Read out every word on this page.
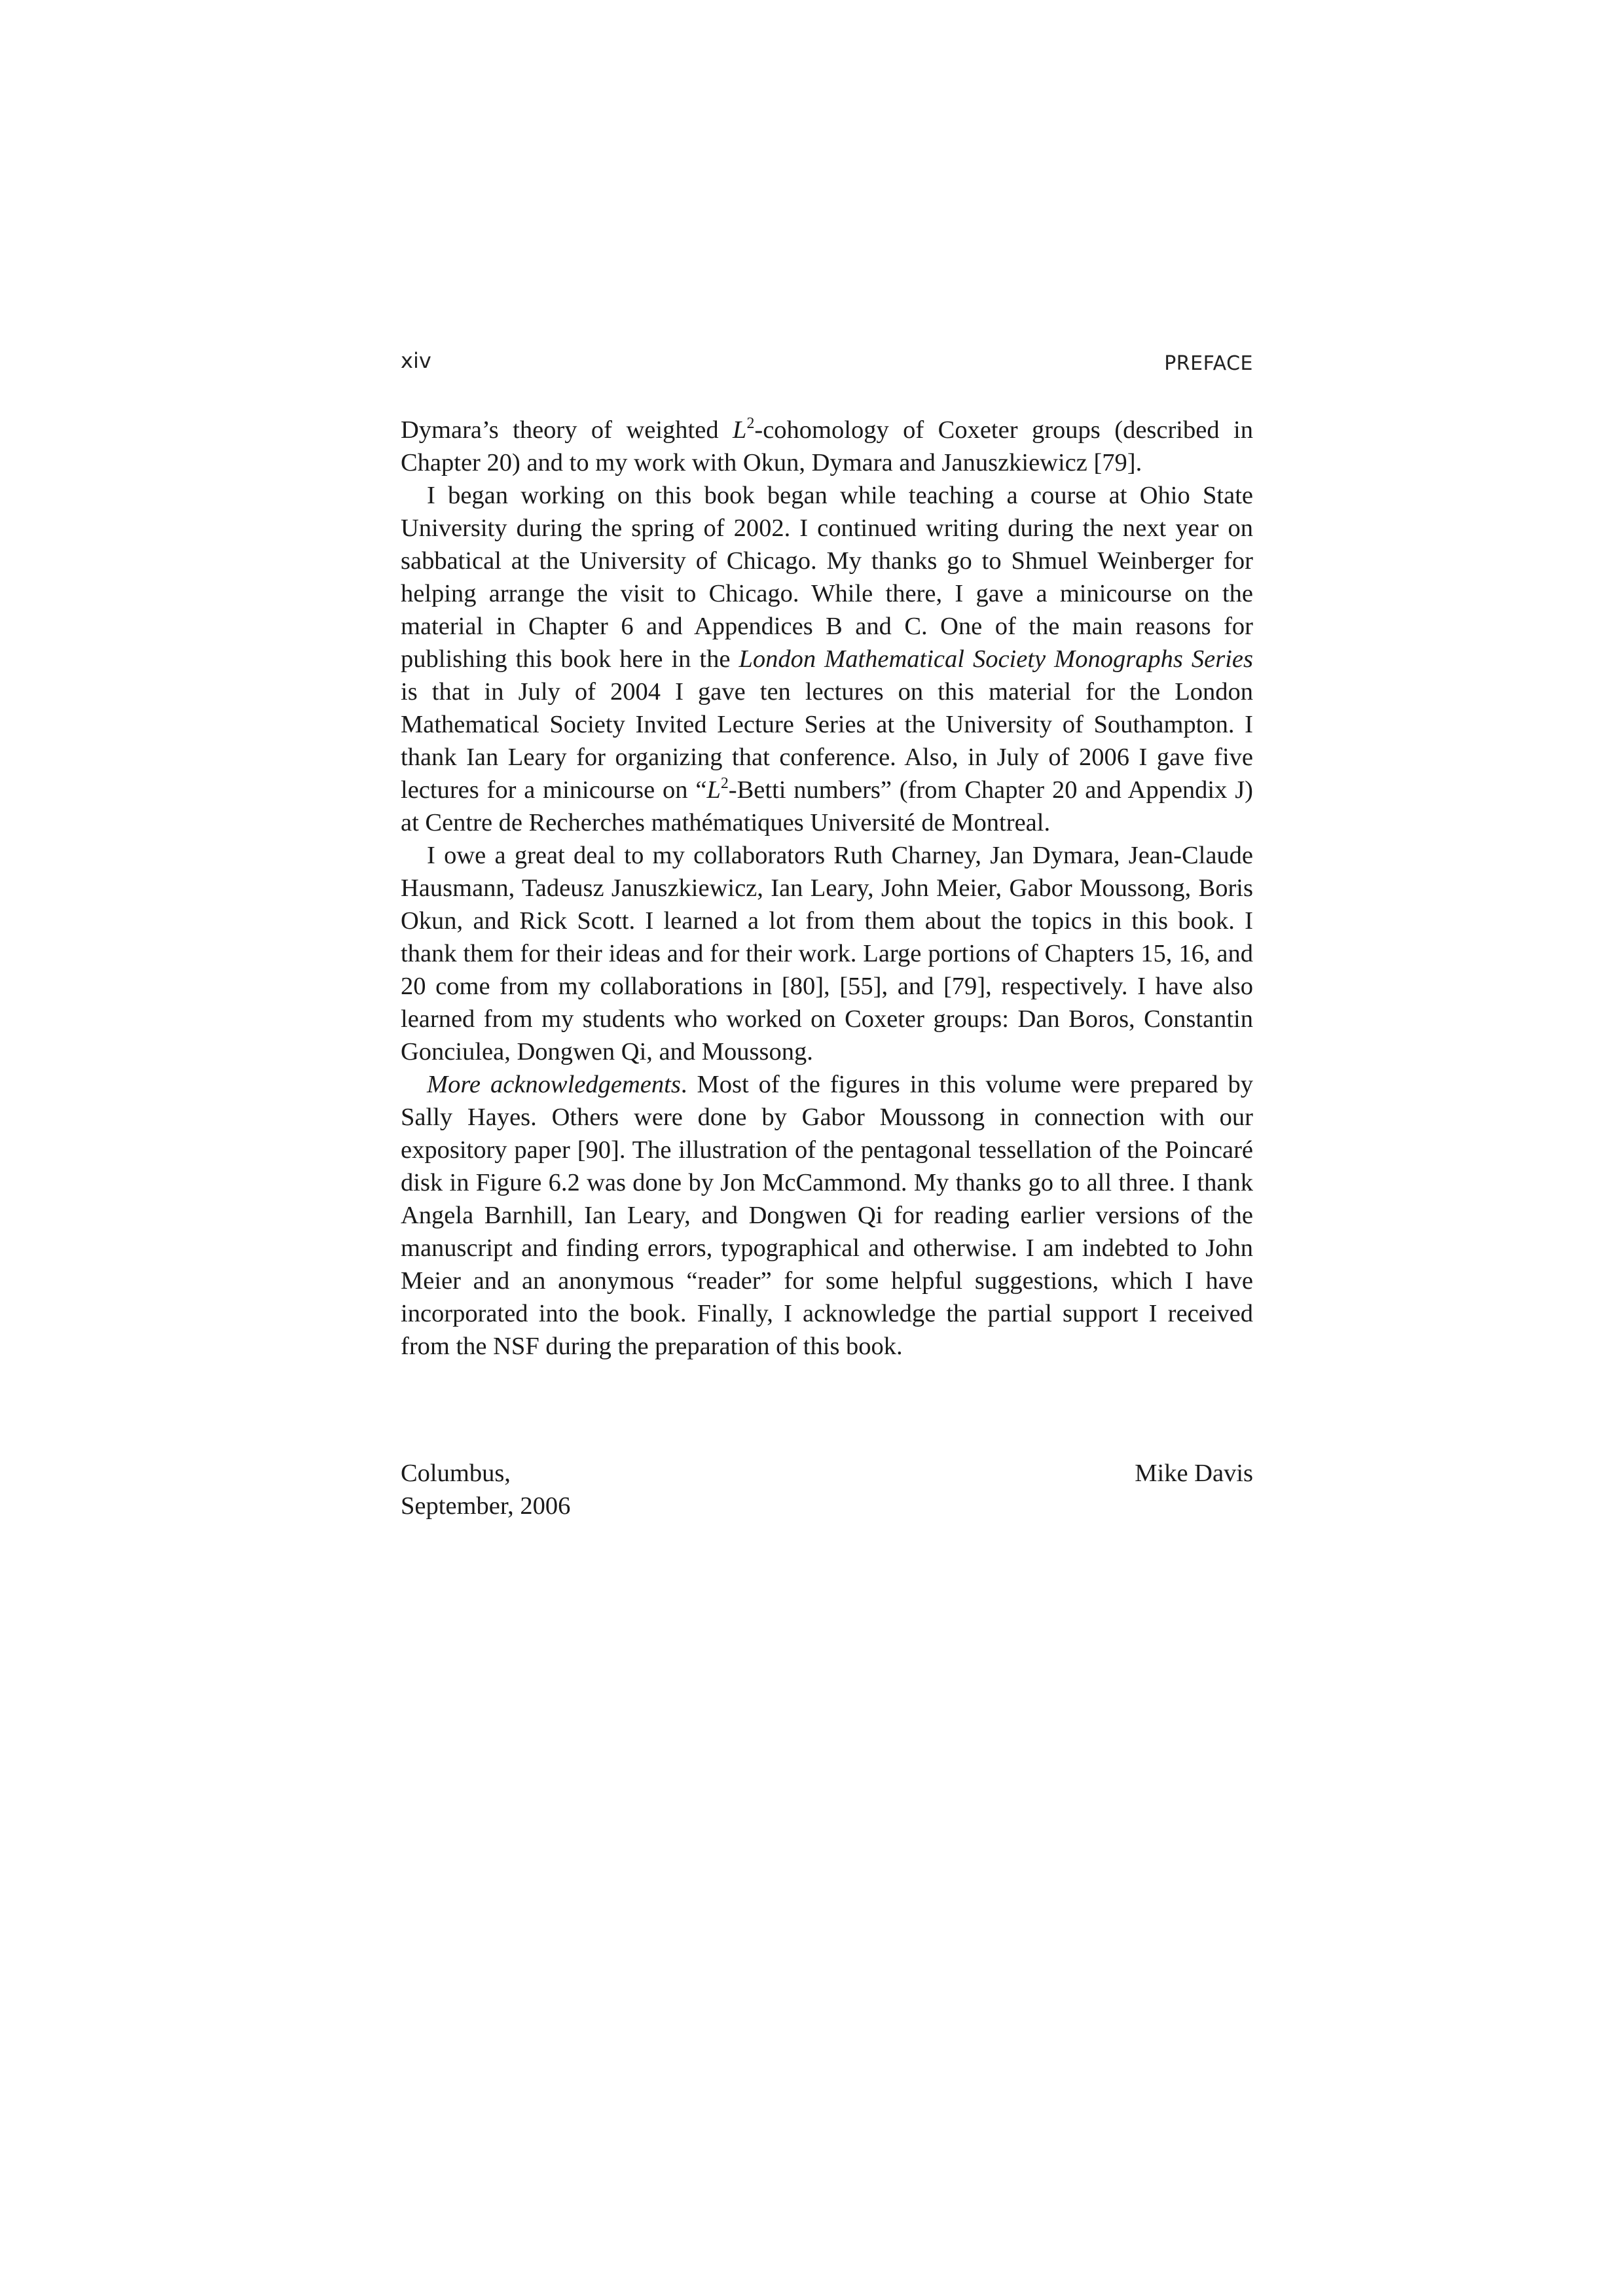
xiv	PREFACE

Dymara’s theory of weighted $L^2$-cohomology of Coxeter groups (described in Chapter 20) and to my work with Okun, Dymara and Januszkiewicz [79].

I began working on this book began while teaching a course at Ohio State University during the spring of 2002. I continued writing during the next year on sabbatical at the University of Chicago. My thanks go to Shmuel Weinberger for helping arrange the visit to Chicago. While there, I gave a minicourse on the material in Chapter 6 and Appendices B and C. One of the main reasons for publishing this book here in the London Mathematical Society Monographs Series is that in July of 2004 I gave ten lectures on this material for the London Mathematical Society Invited Lecture Series at the University of Southampton. I thank Ian Leary for organizing that conference. Also, in July of 2006 I gave five lectures for a minicourse on “$L^2$-Betti numbers” (from Chapter 20 and Appendix J) at Centre de Recherches mathématiques Université de Montreal.

I owe a great deal to my collaborators Ruth Charney, Jan Dymara, Jean-Claude Hausmann, Tadeusz Januszkiewicz, Ian Leary, John Meier, Gabor Moussong, Boris Okun, and Rick Scott. I learned a lot from them about the topics in this book. I thank them for their ideas and for their work. Large portions of Chapters 15, 16, and 20 come from my collaborations in [80], [55], and [79], respectively. I have also learned from my students who worked on Coxeter groups: Dan Boros, Constantin Gonciulea, Dongwen Qi, and Moussong.

More acknowledgements. Most of the figures in this volume were prepared by Sally Hayes. Others were done by Gabor Moussong in connection with our expository paper [90]. The illustration of the pentagonal tessellation of the Poincaré disk in Figure 6.2 was done by Jon McCammond. My thanks go to all three. I thank Angela Barnhill, Ian Leary, and Dongwen Qi for reading earlier versions of the manuscript and finding errors, typographical and otherwise. I am indebted to John Meier and an anonymous “reader” for some helpful suggestions, which I have incorporated into the book. Finally, I acknowledge the partial support I received from the NSF during the preparation of this book.

Columbus,
September, 2006
Mike Davis
